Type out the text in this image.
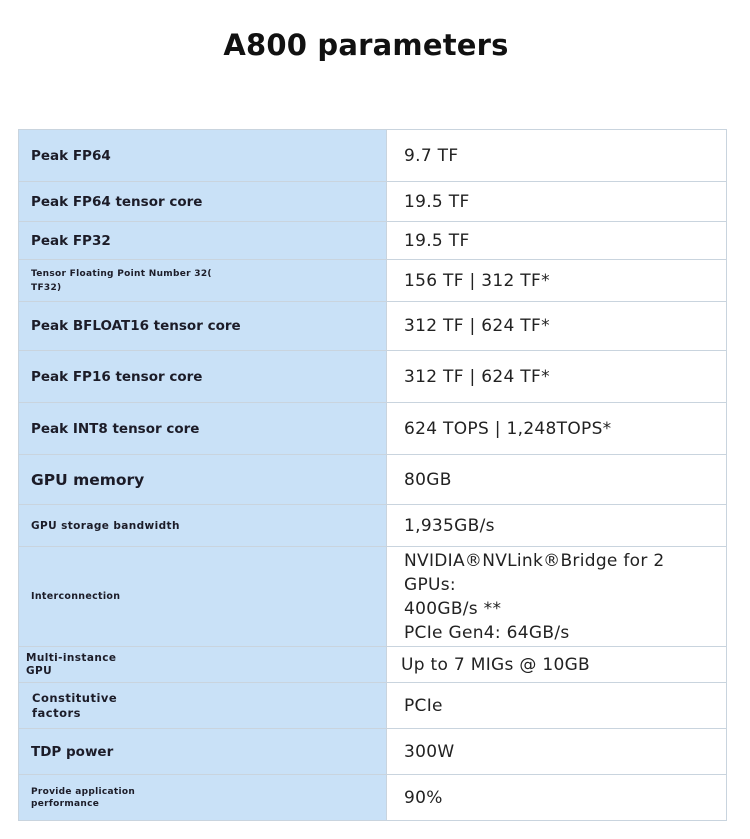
A800 parameters
Peak FP64	9.7 TF
Peak FP64 tensor core	19.5 TF
Peak FP32	19.5 TF
Tensor Floating Point Number 32(
TF32)	156 TF | 312 TF*
Peak BFLOAT16 tensor core	312 TF | 624 TF*
Peak FP16 tensor core	312 TF | 624 TF*
Peak INT8 tensor core	624 TOPS | 1,248TOPS*
GPU memory	80GB
GPU storage bandwidth	1,935GB/s
Interconnection	NVIDIA®NVLink®Bridge for 2 GPUs:
400GB/s **
PCIe Gen4: 64GB/s

Multi-instance
GPU	Up to 7 MIGs @ 10GB
Constitutive
factors	PCIe
TDP power	300W
Provide application
performance	90%
